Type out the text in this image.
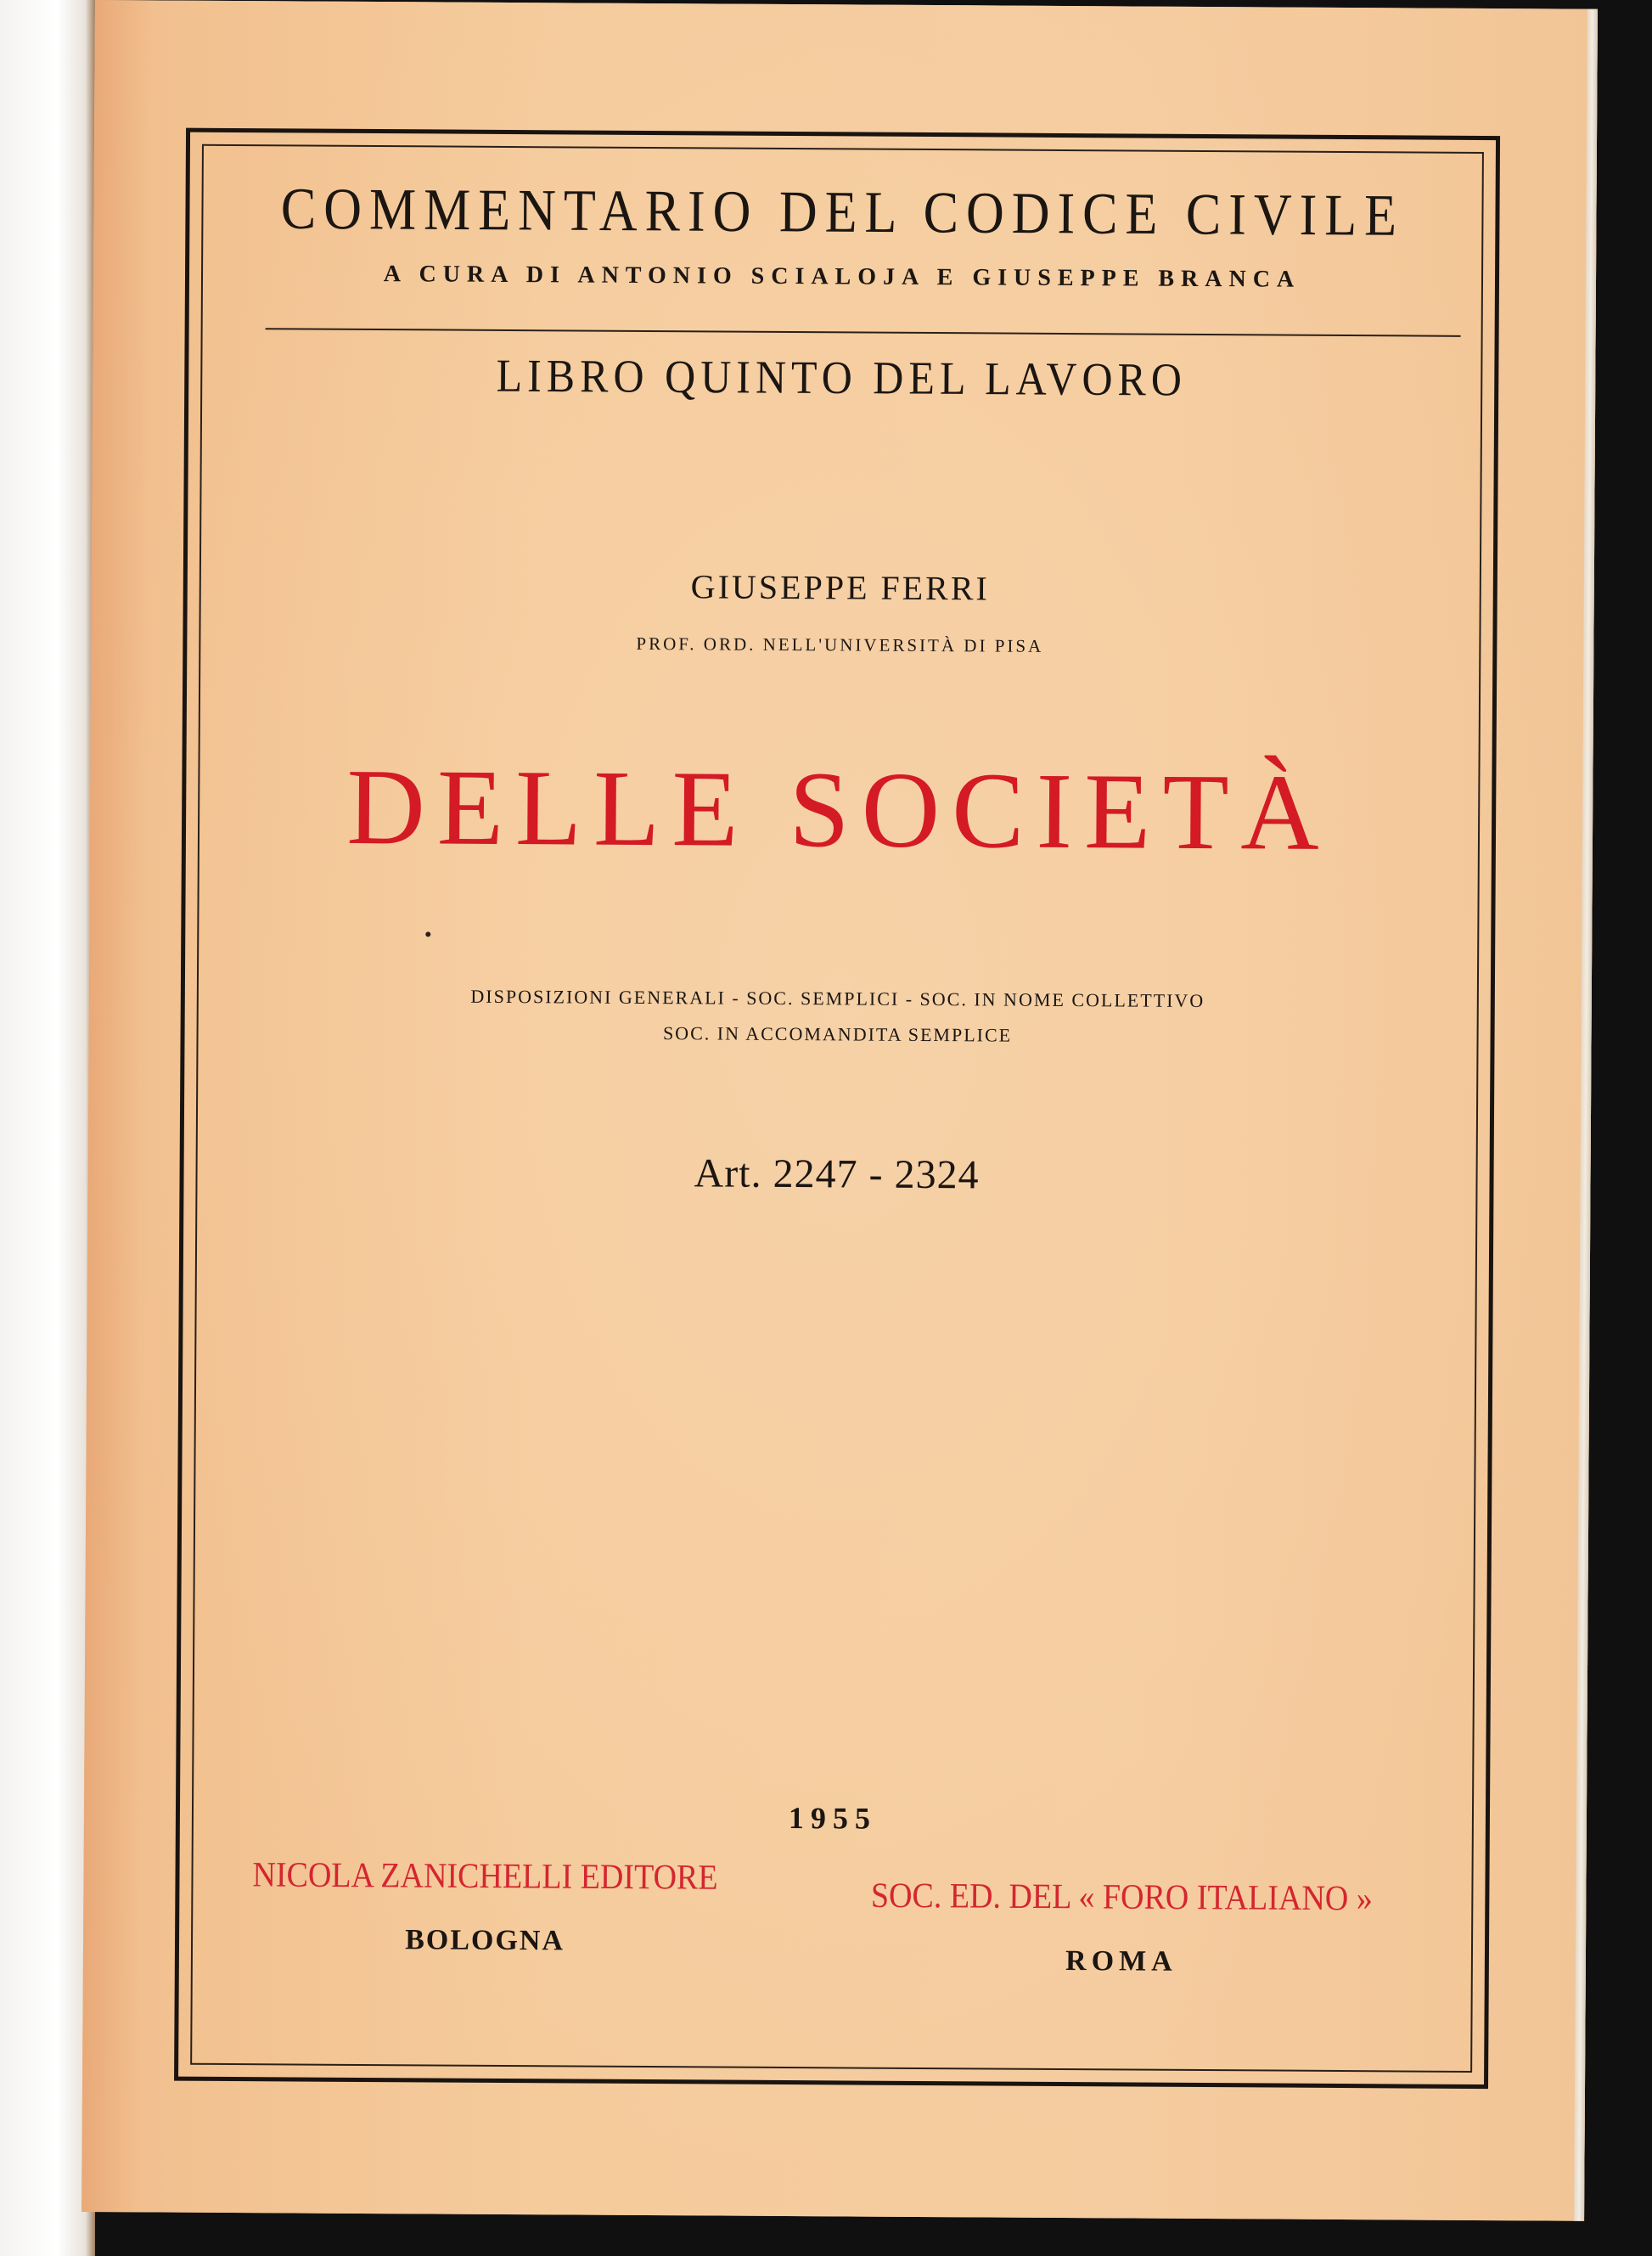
COMMENTARIO DEL CODICE CIVILE
A CURA DI ANTONIO SCIALOJA E GIUSEPPE BRANCA
LIBRO QUINTO DEL LAVORO
GIUSEPPE FERRI
PROF. ORD. NELL'UNIVERSITÀ DI PISA
DELLE SOCIETÀ
DISPOSIZIONI GENERALI - SOC. SEMPLICI - SOC. IN NOME COLLETTIVO
SOC. IN ACCOMANDITA SEMPLICE
Art. 2247 - 2324
1955
NICOLA ZANICHELLI EDITORE
BOLOGNA
SOC. ED. DEL « FORO ITALIANO »
ROMA
